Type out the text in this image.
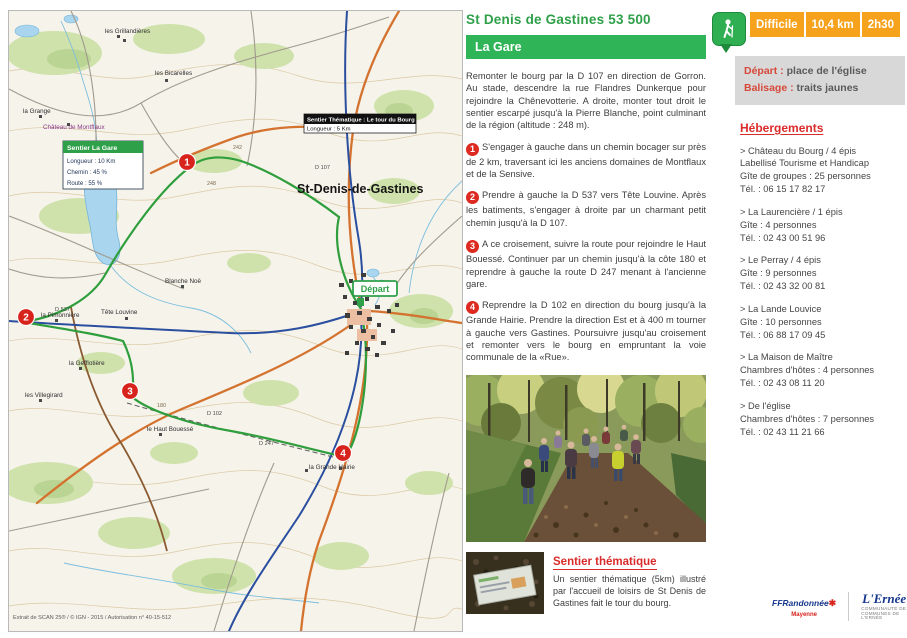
les Grillandières
la Grange
Château de Montflaux
les Bicarelles
Blanche Noë
la Pimonnière	Tête Louvine
la Gefflotière
les Villegirard
le Haut Bouessé
la Grande Hairie
D 537
D 107
D 102
D 247
242
248
180
St-Denis-de-Gastines
Départ
1
2
3
4
Sentier La Gare
Longueur : 10 Km
Chemin : 45 %
Route : 55 %
Sentier Thématique : Le tour du Bourg
Longueur : 5 Km
Extrait de SCAN 25® / © IGN - 2015 / Autorisation n° 40-15-512
St Denis de Gastines 53 500
La Gare

Remonter le bourg par la D 107 en direction de Gorron. Au stade, descendre la rue Flandres Dunkerque pour rejoindre la Chênevotterie. A droite, monter tout droit le sentier escarpé jusqu'à la Pierre Blanche, point culminant de la région (altitude : 248 m).

1 S'engager à gauche dans un chemin bocager sur près de 2 km, traversant ici les anciens domaines de Montflaux et de la Sensive.

2 Prendre à gauche la D 537 vers Tête Louvine. Après les batiments, s'engager à droite par un charmant petit chemin jusqu'à la D 107.

3 A ce croisement, suivre la route pour rejoindre le Haut Bouessé. Continuer par un chemin jusqu'à la côte 180 et reprendre à gauche la route D 247 menant à l'ancienne gare.

4 Reprendre la D 102 en direction du bourg jusqu'à la Grande Hairie. Prendre la direction Est et à 400 m tourner à gauche vers Gastines. Poursuivre jusqu'au croisement et remonter vers le bourg en empruntant la voie communale de la «Rue».

Sentier thématique
Un sentier thématique (5km) illustré par l'accueil de loisirs de St Denis de Gastines fait le tour du bourg.
Difficile	10,4 km	2h30
Départ : place de l'église
Balisage : traits jaunes
Hébergements
> Château du Bourg / 4 épis
Labellisé Tourisme et Handicap
Gîte de groupes : 25 personnes
Tél. : 06 15 17 82 17
> La Laurencière / 1 épis
Gîte : 4 personnes
Tél. : 02 43 00 51 96
> Le Perray / 4 épis
Gîte : 9 personnes
Tél. : 02 43 32 00 81
> La Lande Louvice
Gîte : 10 personnes
Tél. : 06 88 17 09 45
> La Maison de Maître
Chambres d'hôtes : 4 personnes
Tél. : 02 43 08 11 20
> De l'église
Chambres d'hôtes : 7 personnes
Tél. : 02 43 11 21 66
FFRandonnée✱
Mayenne
L'Ernée
COMMUNAUTÉ DE COMMUNES DE L'ERNÉE
